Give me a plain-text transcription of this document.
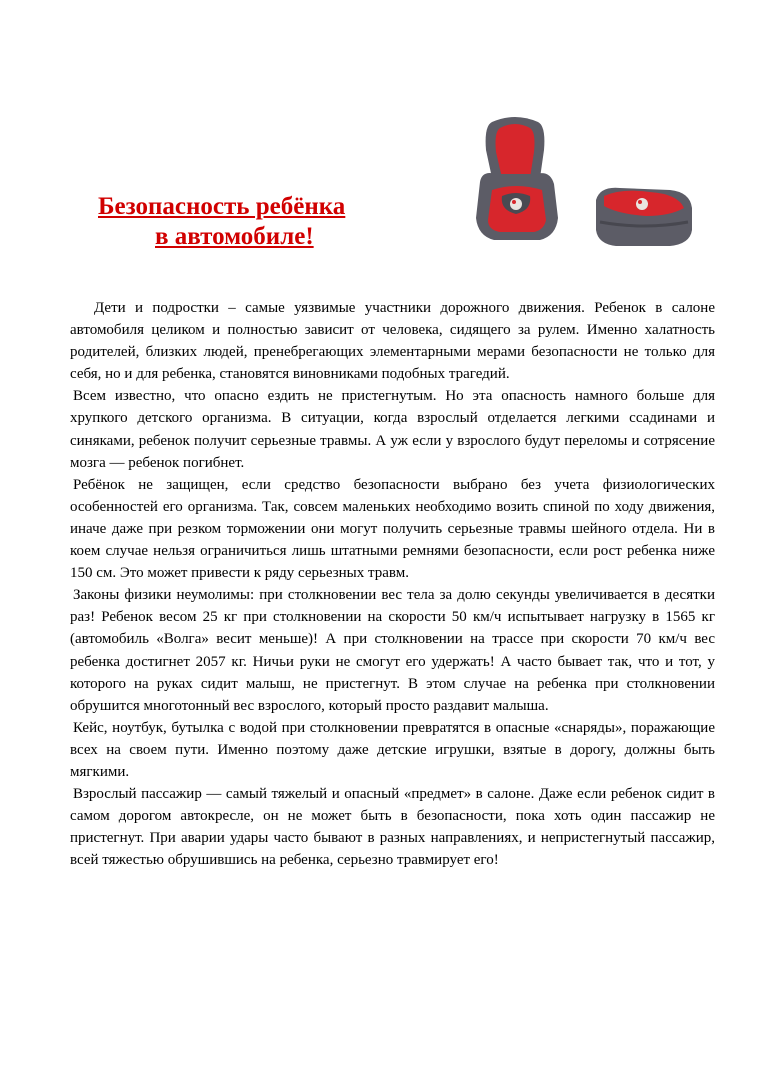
Безопасность ребёнка
в автомобиле!

Дети и подростки – самые уязвимые участники дорожного движения. Ребенок в салоне автомобиля целиком и полностью зависит от человека, сидящего за рулем. Именно халатность родителей, близких людей, пренебрегающих элементарными мерами безопасности не только для себя, но и для ребенка, становятся виновниками подобных трагедий.

Всем известно, что опасно ездить не пристегнутым. Но эта опасность намного больше для хрупкого детского организма. В ситуации, когда взрослый отделается легкими ссадинами и синяками, ребенок получит серьезные травмы. А уж если у взрослого будут переломы и сотрясение мозга — ребенок погибнет.

Ребёнок не защищен, если средство безопасности выбрано без учета физиологических особенностей его организма. Так, совсем маленьких необходимо возить спиной по ходу движения, иначе даже при резком торможении они могут получить серьезные травмы шейного отдела. Ни в коем случае нельзя ограничиться лишь штатными ремнями безопасности, если рост ребенка ниже 150 см. Это может привести к ряду серьезных травм.

Законы физики неумолимы: при столкновении вес тела за долю секунды увеличивается в десятки раз! Ребенок весом 25 кг при столкновении на скорости 50 км/ч испытывает нагрузку в 1565 кг (автомобиль «Волга» весит меньше)! А при столкновении на трассе при скорости 70 км/ч вес ребенка достигнет 2057 кг. Ничьи руки не смогут его удержать! А часто бывает так, что и тот, у которого на руках сидит малыш, не пристегнут. В этом случае на ребенка при столкновении обрушится многотонный вес взрослого, который просто раздавит малыша.

Кейс, ноутбук, бутылка с водой при столкновении превратятся в опасные «снаряды», поражающие всех на своем пути. Именно поэтому даже детские игрушки, взятые в дорогу, должны быть мягкими.

Взрослый пассажир — самый тяжелый и опасный «предмет» в салоне. Даже если ребенок сидит в самом дорогом автокресле, он не может быть в безопасности, пока хоть один пассажир не пристегнут. При аварии удары часто бывают в разных направлениях, и непристегнутый пассажир, всей тяжестью обрушившись на ребенка, серьезно травмирует его!
